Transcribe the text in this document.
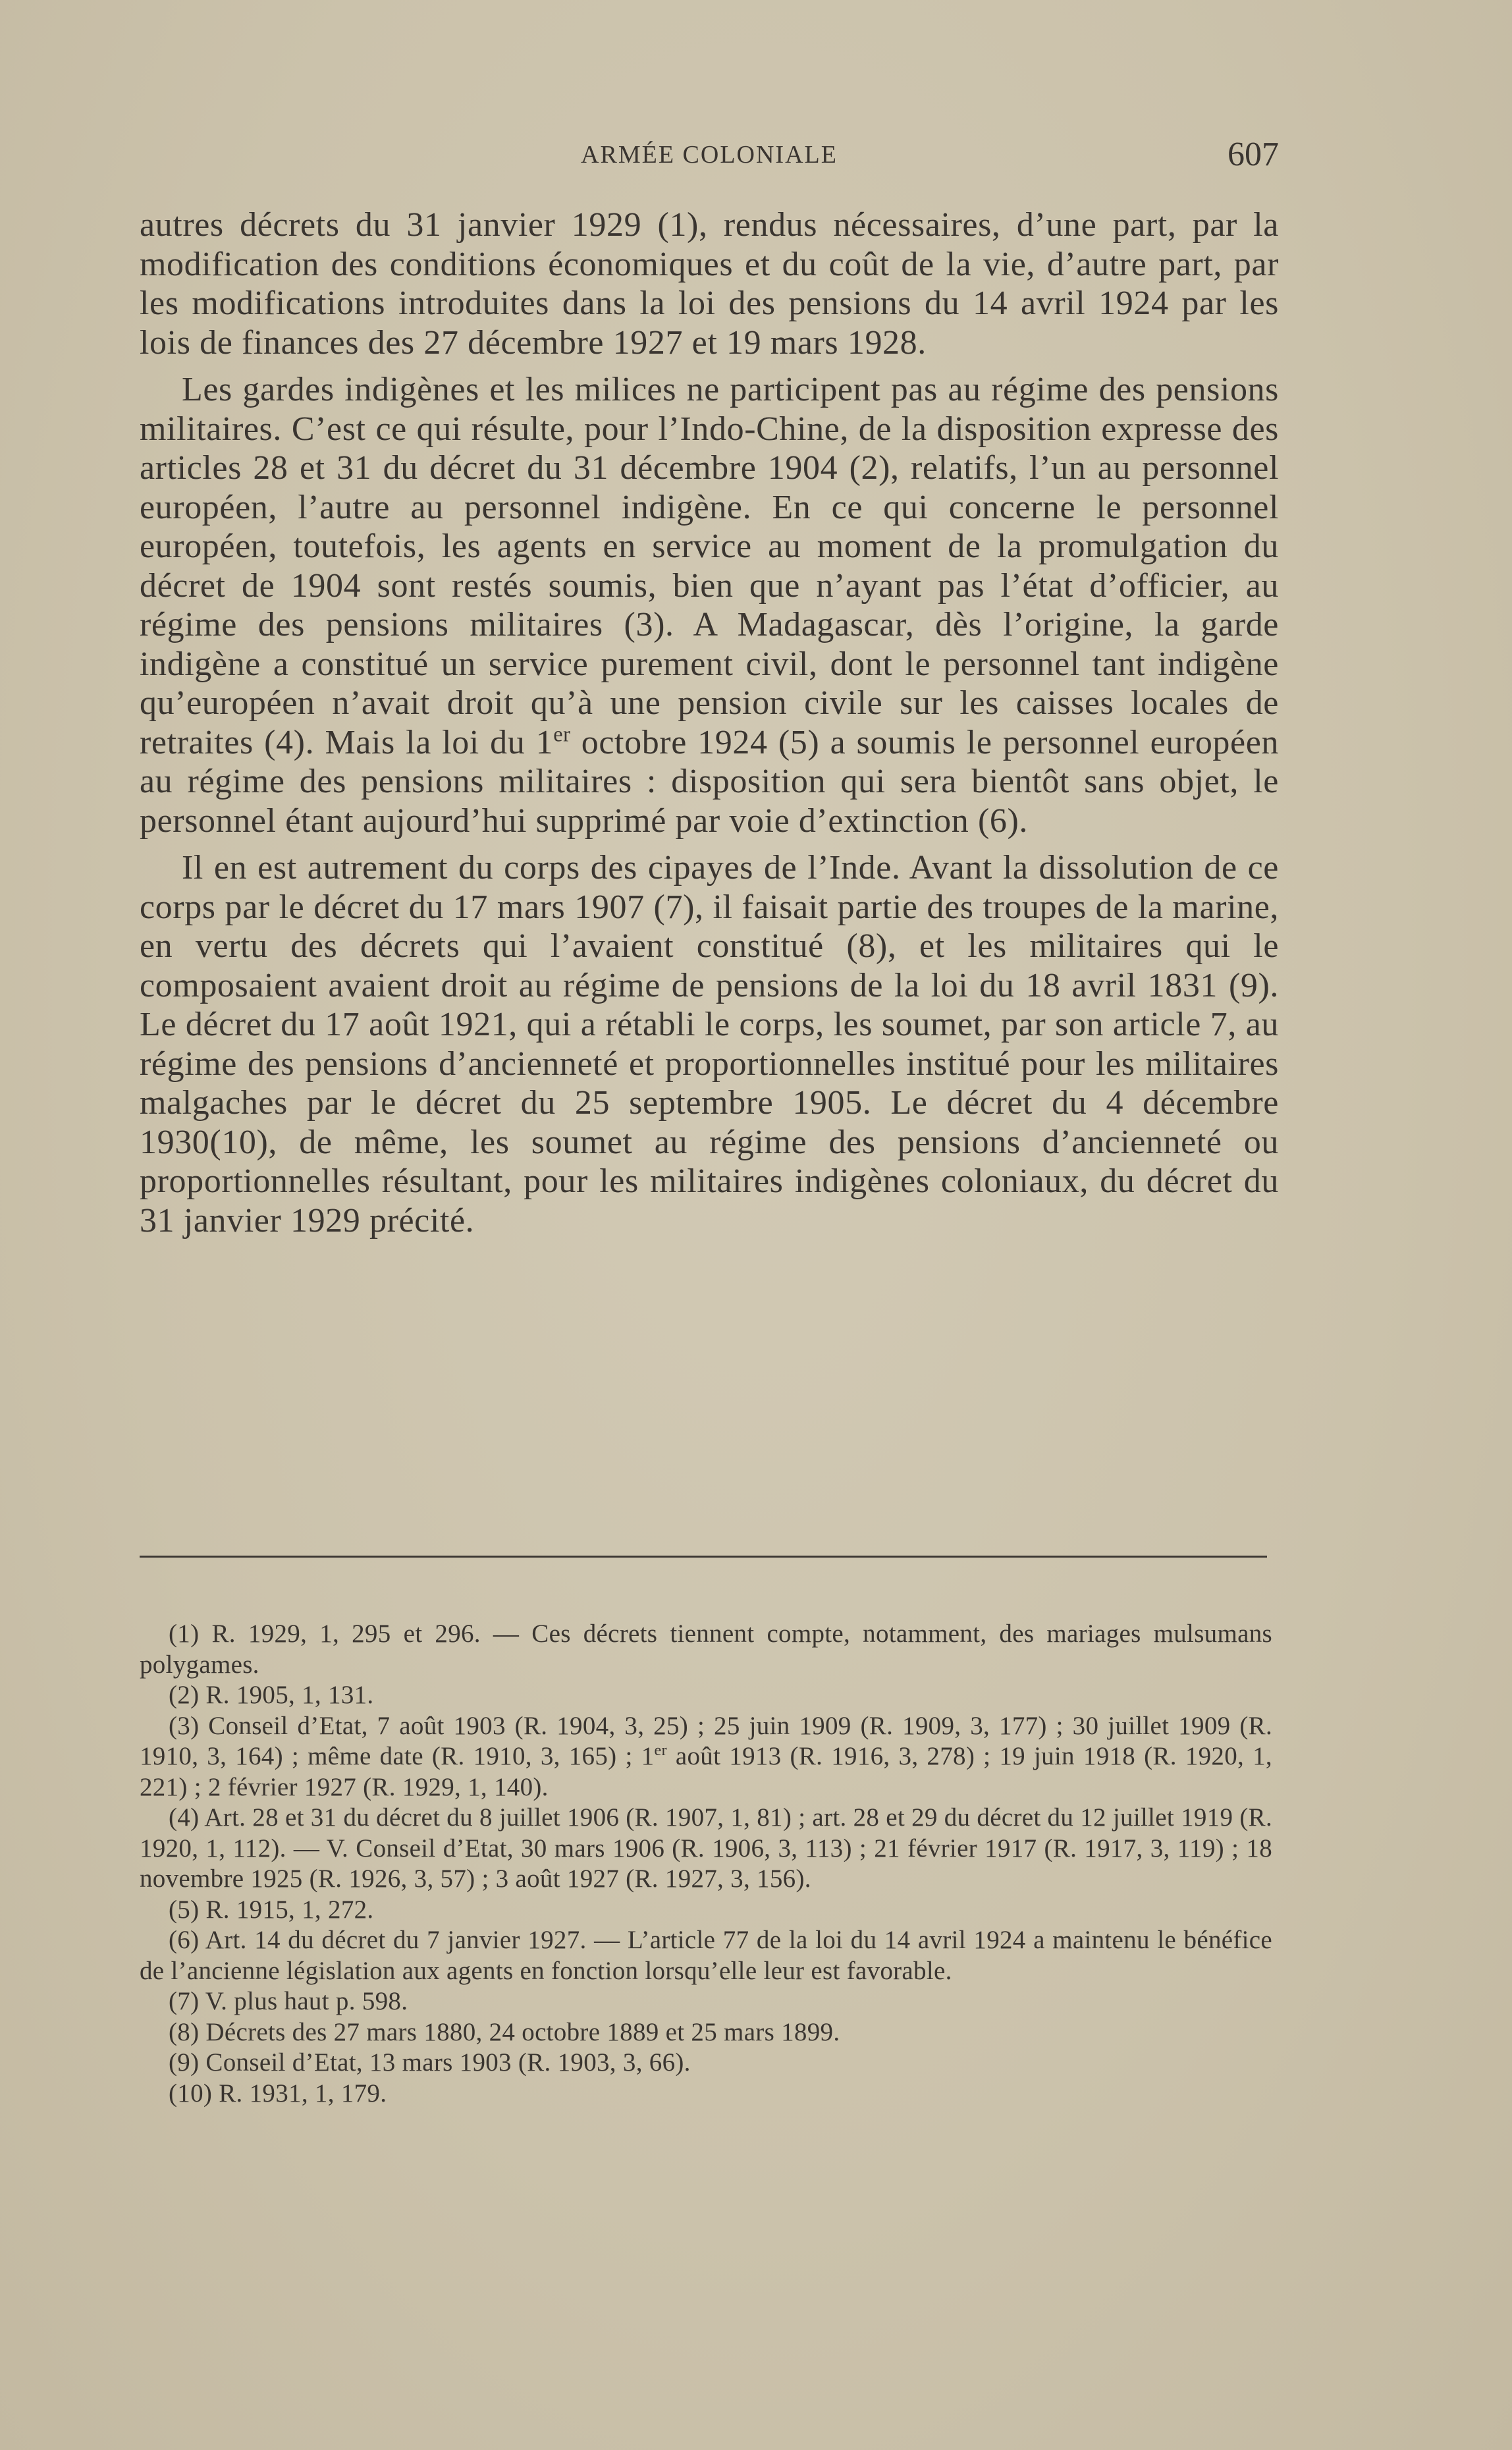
ARMÉE COLONIALE	607

autres décrets du 31 janvier 1929 (1), rendus nécessaires, d’une part, par la modification des conditions économiques et du coût de la vie, d’autre part, par les modifications introduites dans la loi des pensions du 14 avril 1924 par les lois de finances des 27 décembre 1927 et 19 mars 1928.

Les gardes indigènes et les milices ne participent pas au régime des pensions militaires. C’est ce qui résulte, pour l’Indo-Chine, de la disposition expresse des articles 28 et 31 du décret du 31 décembre 1904 (2), relatifs, l’un au personnel européen, l’autre au personnel indigène. En ce qui concerne le personnel européen, toutefois, les agents en service au moment de la promulgation du décret de 1904 sont restés soumis, bien que n’ayant pas l’état d’officier, au régime des pensions militaires (3). A Madagascar, dès l’origine, la garde indigène a constitué un service purement civil, dont le personnel tant indigène qu’européen n’avait droit qu’à une pension civile sur les caisses locales de retraites (4). Mais la loi du 1er octobre 1924 (5) a soumis le personnel européen au régime des pensions militaires : disposition qui sera bientôt sans objet, le personnel étant aujourd’hui supprimé par voie d’extinction (6).

Il en est autrement du corps des cipayes de l’Inde. Avant la dissolution de ce corps par le décret du 17 mars 1907 (7), il faisait partie des troupes de la marine, en vertu des décrets qui l’avaient constitué (8), et les militaires qui le composaient avaient droit au régime de pensions de la loi du 18 avril 1831 (9). Le décret du 17 août 1921, qui a rétabli le corps, les soumet, par son article 7, au régime des pensions d’ancienneté et proportionnelles institué pour les militaires malgaches par le décret du 25 septembre 1905. Le décret du 4 décembre 1930(10), de même, les soumet au régime des pensions d’ancienneté ou proportionnelles résultant, pour les militaires indigènes coloniaux, du décret du 31 janvier 1929 précité.

(1) R. 1929, 1, 295 et 296. — Ces décrets tiennent compte, notamment, des mariages mulsumans polygames.

(2) R. 1905, 1, 131.

(3) Conseil d’Etat, 7 août 1903 (R. 1904, 3, 25) ; 25 juin 1909 (R. 1909, 3, 177) ; 30 juillet 1909 (R. 1910, 3, 164) ; même date (R. 1910, 3, 165) ; 1er août 1913 (R. 1916, 3, 278) ; 19 juin 1918 (R. 1920, 1, 221) ; 2 février 1927 (R. 1929, 1, 140).

(4) Art. 28 et 31 du décret du 8 juillet 1906 (R. 1907, 1, 81) ; art. 28 et 29 du décret du 12 juillet 1919 (R. 1920, 1, 112). — V. Conseil d’Etat, 30 mars 1906 (R. 1906, 3, 113) ; 21 février 1917 (R. 1917, 3, 119) ; 18 novembre 1925 (R. 1926, 3, 57) ; 3 août 1927 (R. 1927, 3, 156).

(5) R. 1915, 1, 272.

(6) Art. 14 du décret du 7 janvier 1927. — L’article 77 de la loi du 14 avril 1924 a maintenu le bénéfice de l’ancienne législation aux agents en fonction lorsqu’elle leur est favorable.

(7) V. plus haut p. 598.

(8) Décrets des 27 mars 1880, 24 octobre 1889 et 25 mars 1899.

(9) Conseil d’Etat, 13 mars 1903 (R. 1903, 3, 66).

(10) R. 1931, 1, 179.
